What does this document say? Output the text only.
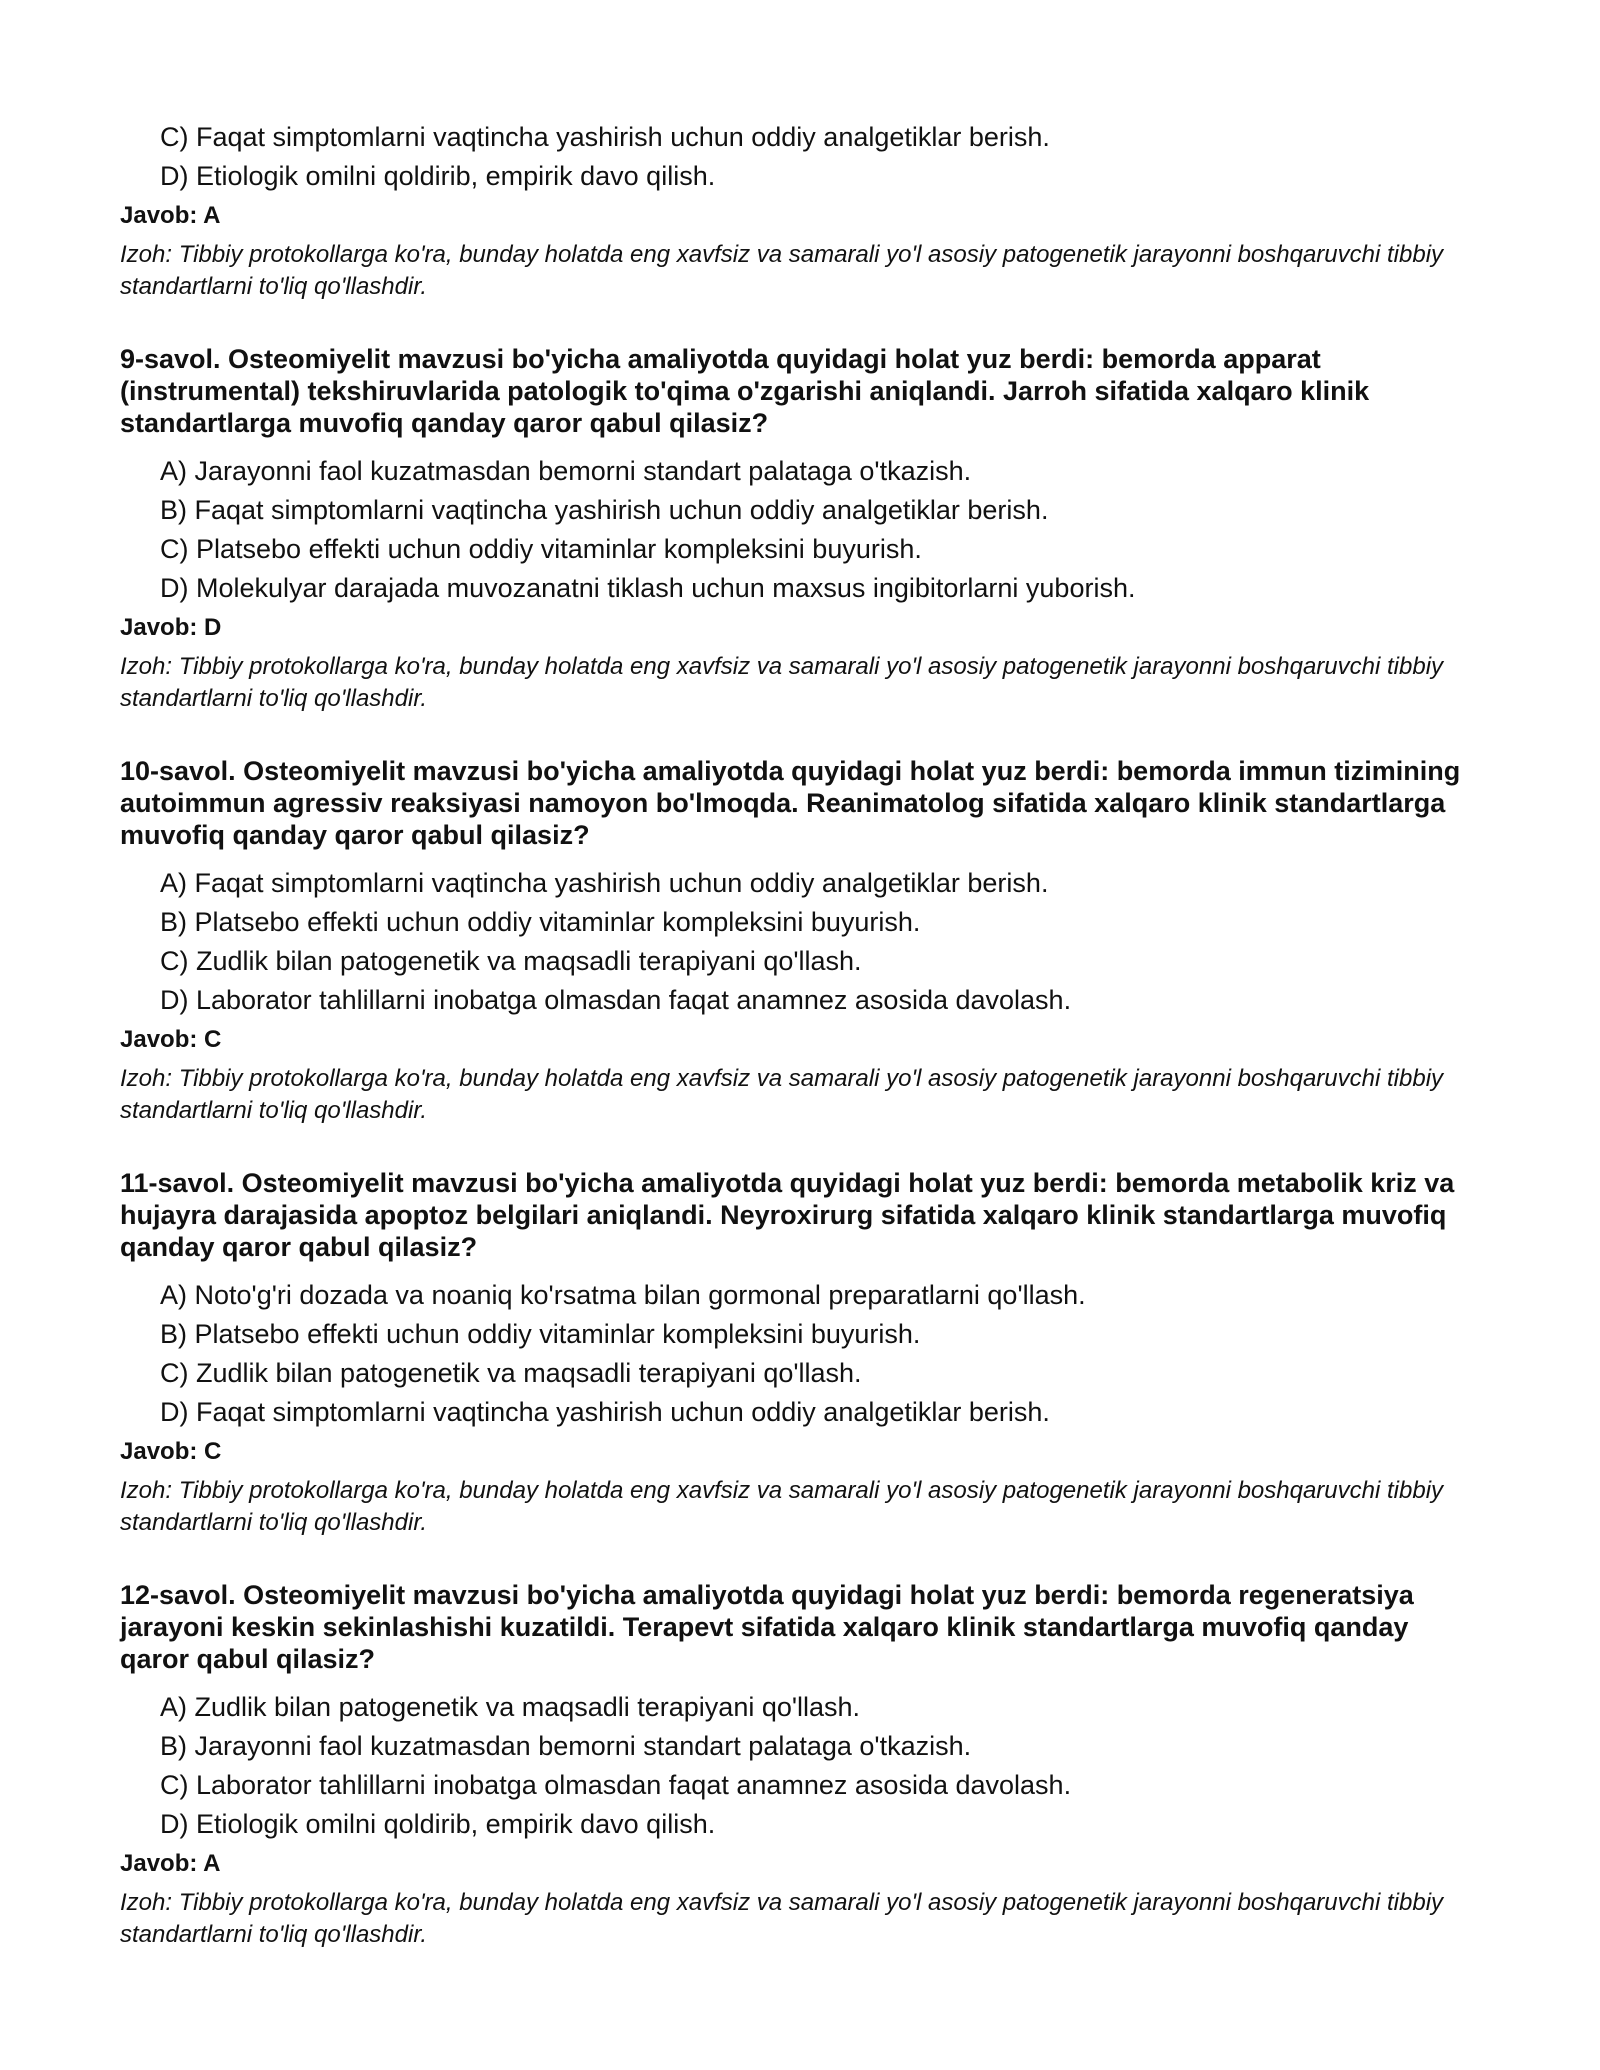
C) Faqat simptomlarni vaqtincha yashirish uchun oddiy analgetiklar berish.
D) Etiologik omilni qoldirib, empirik davo qilish.
Javob: A
Izoh: Tibbiy protokollarga ko'ra, bunday holatda eng xavfsiz va samarali yo'l asosiy patogenetik jarayonni boshqaruvchi tibbiy standartlarni to'liq qo'llashdir.
9-savol. Osteomiyelit mavzusi bo'yicha amaliyotda quyidagi holat yuz berdi: bemorda apparat (instrumental) tekshiruvlarida patologik to'qima o'zgarishi aniqlandi. Jarroh sifatida xalqaro klinik standartlarga muvofiq qanday qaror qabul qilasiz?
A) Jarayonni faol kuzatmasdan bemorni standart palataga o'tkazish.
B) Faqat simptomlarni vaqtincha yashirish uchun oddiy analgetiklar berish.
C) Platsebo effekti uchun oddiy vitaminlar kompleksini buyurish.
D) Molekulyar darajada muvozanatni tiklash uchun maxsus ingibitorlarni yuborish.
Javob: D
Izoh: Tibbiy protokollarga ko'ra, bunday holatda eng xavfsiz va samarali yo'l asosiy patogenetik jarayonni boshqaruvchi tibbiy standartlarni to'liq qo'llashdir.
10-savol. Osteomiyelit mavzusi bo'yicha amaliyotda quyidagi holat yuz berdi: bemorda immun tizimining autoimmun agressiv reaksiyasi namoyon bo'lmoqda. Reanimatolog sifatida xalqaro klinik standartlarga muvofiq qanday qaror qabul qilasiz?
A) Faqat simptomlarni vaqtincha yashirish uchun oddiy analgetiklar berish.
B) Platsebo effekti uchun oddiy vitaminlar kompleksini buyurish.
C) Zudlik bilan patogenetik va maqsadli terapiyani qo'llash.
D) Laborator tahlillarni inobatga olmasdan faqat anamnez asosida davolash.
Javob: C
Izoh: Tibbiy protokollarga ko'ra, bunday holatda eng xavfsiz va samarali yo'l asosiy patogenetik jarayonni boshqaruvchi tibbiy standartlarni to'liq qo'llashdir.
11-savol. Osteomiyelit mavzusi bo'yicha amaliyotda quyidagi holat yuz berdi: bemorda metabolik kriz va hujayra darajasida apoptoz belgilari aniqlandi. Neyroxirurg sifatida xalqaro klinik standartlarga muvofiq qanday qaror qabul qilasiz?
A) Noto'g'ri dozada va noaniq ko'rsatma bilan gormonal preparatlarni qo'llash.
B) Platsebo effekti uchun oddiy vitaminlar kompleksini buyurish.
C) Zudlik bilan patogenetik va maqsadli terapiyani qo'llash.
D) Faqat simptomlarni vaqtincha yashirish uchun oddiy analgetiklar berish.
Javob: C
Izoh: Tibbiy protokollarga ko'ra, bunday holatda eng xavfsiz va samarali yo'l asosiy patogenetik jarayonni boshqaruvchi tibbiy standartlarni to'liq qo'llashdir.
12-savol. Osteomiyelit mavzusi bo'yicha amaliyotda quyidagi holat yuz berdi: bemorda regeneratsiya jarayoni keskin sekinlashishi kuzatildi. Terapevt sifatida xalqaro klinik standartlarga muvofiq qanday qaror qabul qilasiz?
A) Zudlik bilan patogenetik va maqsadli terapiyani qo'llash.
B) Jarayonni faol kuzatmasdan bemorni standart palataga o'tkazish.
C) Laborator tahlillarni inobatga olmasdan faqat anamnez asosida davolash.
D) Etiologik omilni qoldirib, empirik davo qilish.
Javob: A
Izoh: Tibbiy protokollarga ko'ra, bunday holatda eng xavfsiz va samarali yo'l asosiy patogenetik jarayonni boshqaruvchi tibbiy standartlarni to'liq qo'llashdir.
